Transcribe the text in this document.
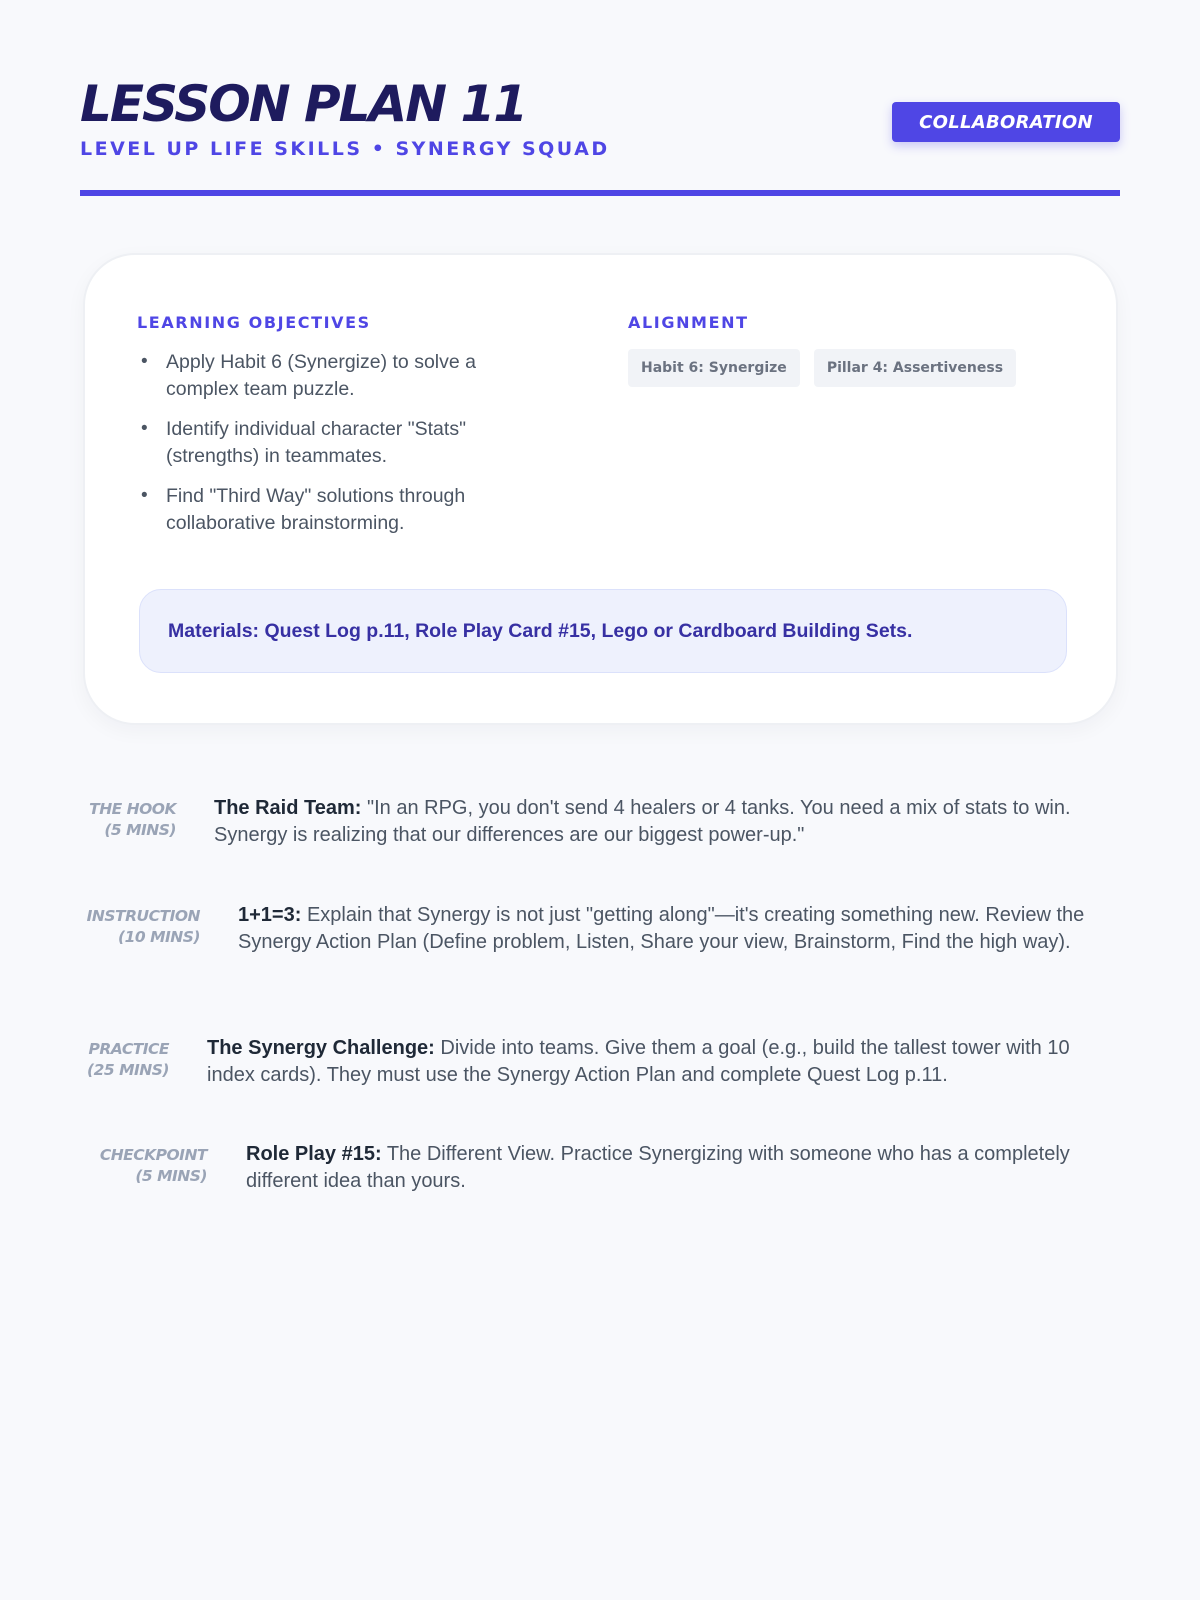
LESSON PLAN 11
LEVEL UP LIFE SKILLS • SYNERGY SQUAD
COLLABORATION
LEARNING OBJECTIVES
• Apply Habit 6 (Synergize) to solve a complex team puzzle.
• Identify individual character "Stats" (strengths) in teammates.
• Find "Third Way" solutions through collaborative brainstorming.
ALIGNMENT
Habit 6: Synergize	Pillar 4: Assertiveness
Materials: Quest Log p.11, Role Play Card #15, Lego or Cardboard Building Sets.
THE HOOK
(5 MINS)
The Raid Team: "In an RPG, you don't send 4 healers or 4 tanks. You need a mix of stats to win. Synergy is realizing that our differences are our biggest power-up."
INSTRUCTION
(10 MINS)
1+1=3: Explain that Synergy is not just "getting along"—it's creating something new. Review the Synergy Action Plan (Define problem, Listen, Share your view, Brainstorm, Find the high way).
PRACTICE
(25 MINS)
The Synergy Challenge: Divide into teams. Give them a goal (e.g., build the tallest tower with 10 index cards). They must use the Synergy Action Plan and complete Quest Log p.11.
CHECKPOINT
(5 MINS)
Role Play #15: The Different View. Practice Synergizing with someone who has a completely different idea than yours.
